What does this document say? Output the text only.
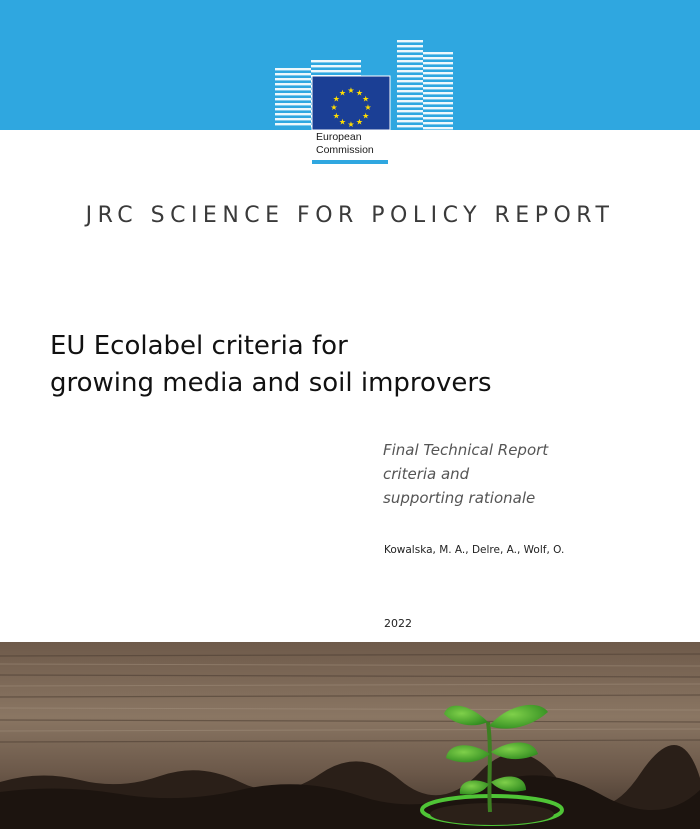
★ ★
★
★
★
★
★
★
★
★
★
★
European
Commission
JRC SCIENCE FOR POLICY REPORT
EU Ecolabel criteria for
growing media and soil improvers
Final Technical Report
criteria and
supporting rationale
Kowalska, M. A., Delre, A., Wolf, O.
2022
